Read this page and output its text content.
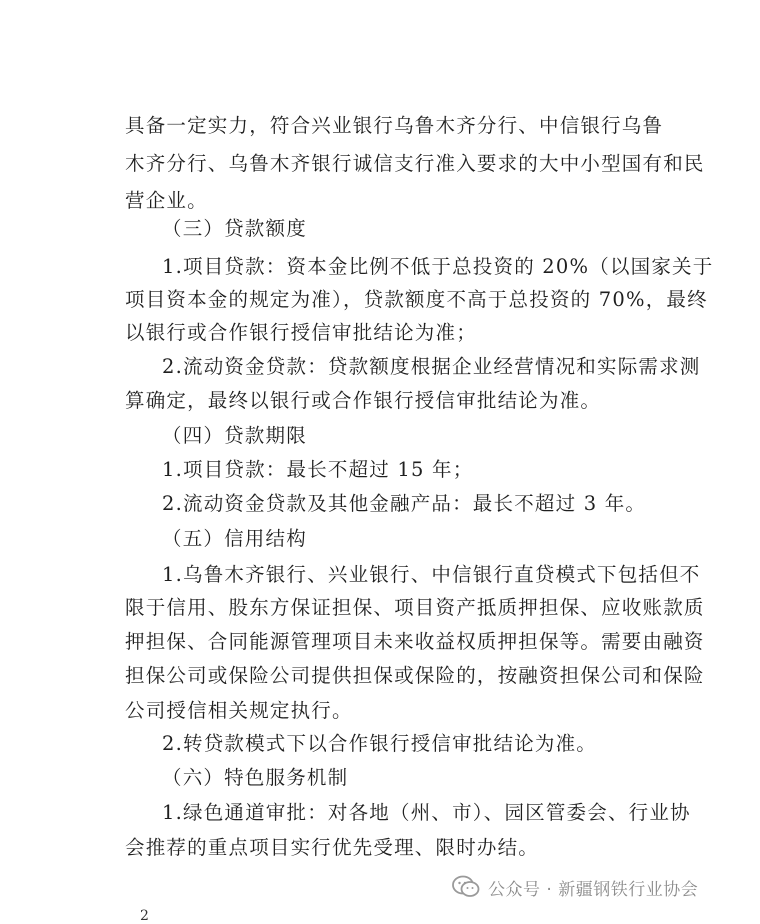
具备一定实力，符合兴业银行乌鲁木齐分行、中信银行乌鲁
木齐分行、乌鲁木齐银行诚信支行准入要求的大中小型国有和民
营企业。
（三）贷款额度
1.项目贷款：资本金比例不低于总投资的 20%（以国家关于
项目资本金的规定为准），贷款额度不高于总投资的 70%，最终
以银行或合作银行授信审批结论为准；
2.流动资金贷款：贷款额度根据企业经营情况和实际需求测
算确定，最终以银行或合作银行授信审批结论为准。
（四）贷款期限
1.项目贷款：最长不超过 15 年；
2.流动资金贷款及其他金融产品：最长不超过 3 年。
（五）信用结构
1.乌鲁木齐银行、兴业银行、中信银行直贷模式下包括但不
限于信用、股东方保证担保、项目资产抵质押担保、应收账款质
押担保、合同能源管理项目未来收益权质押担保等。需要由融资
担保公司或保险公司提供担保或保险的，按融资担保公司和保险
公司授信相关规定执行。
2.转贷款模式下以合作银行授信审批结论为准。
（六）特色服务机制
1.绿色通道审批：对各地（州、市）、园区管委会、行业协
会推荐的重点项目实行优先受理、限时办结。
公众号 · 新疆钢铁行业协会
2
